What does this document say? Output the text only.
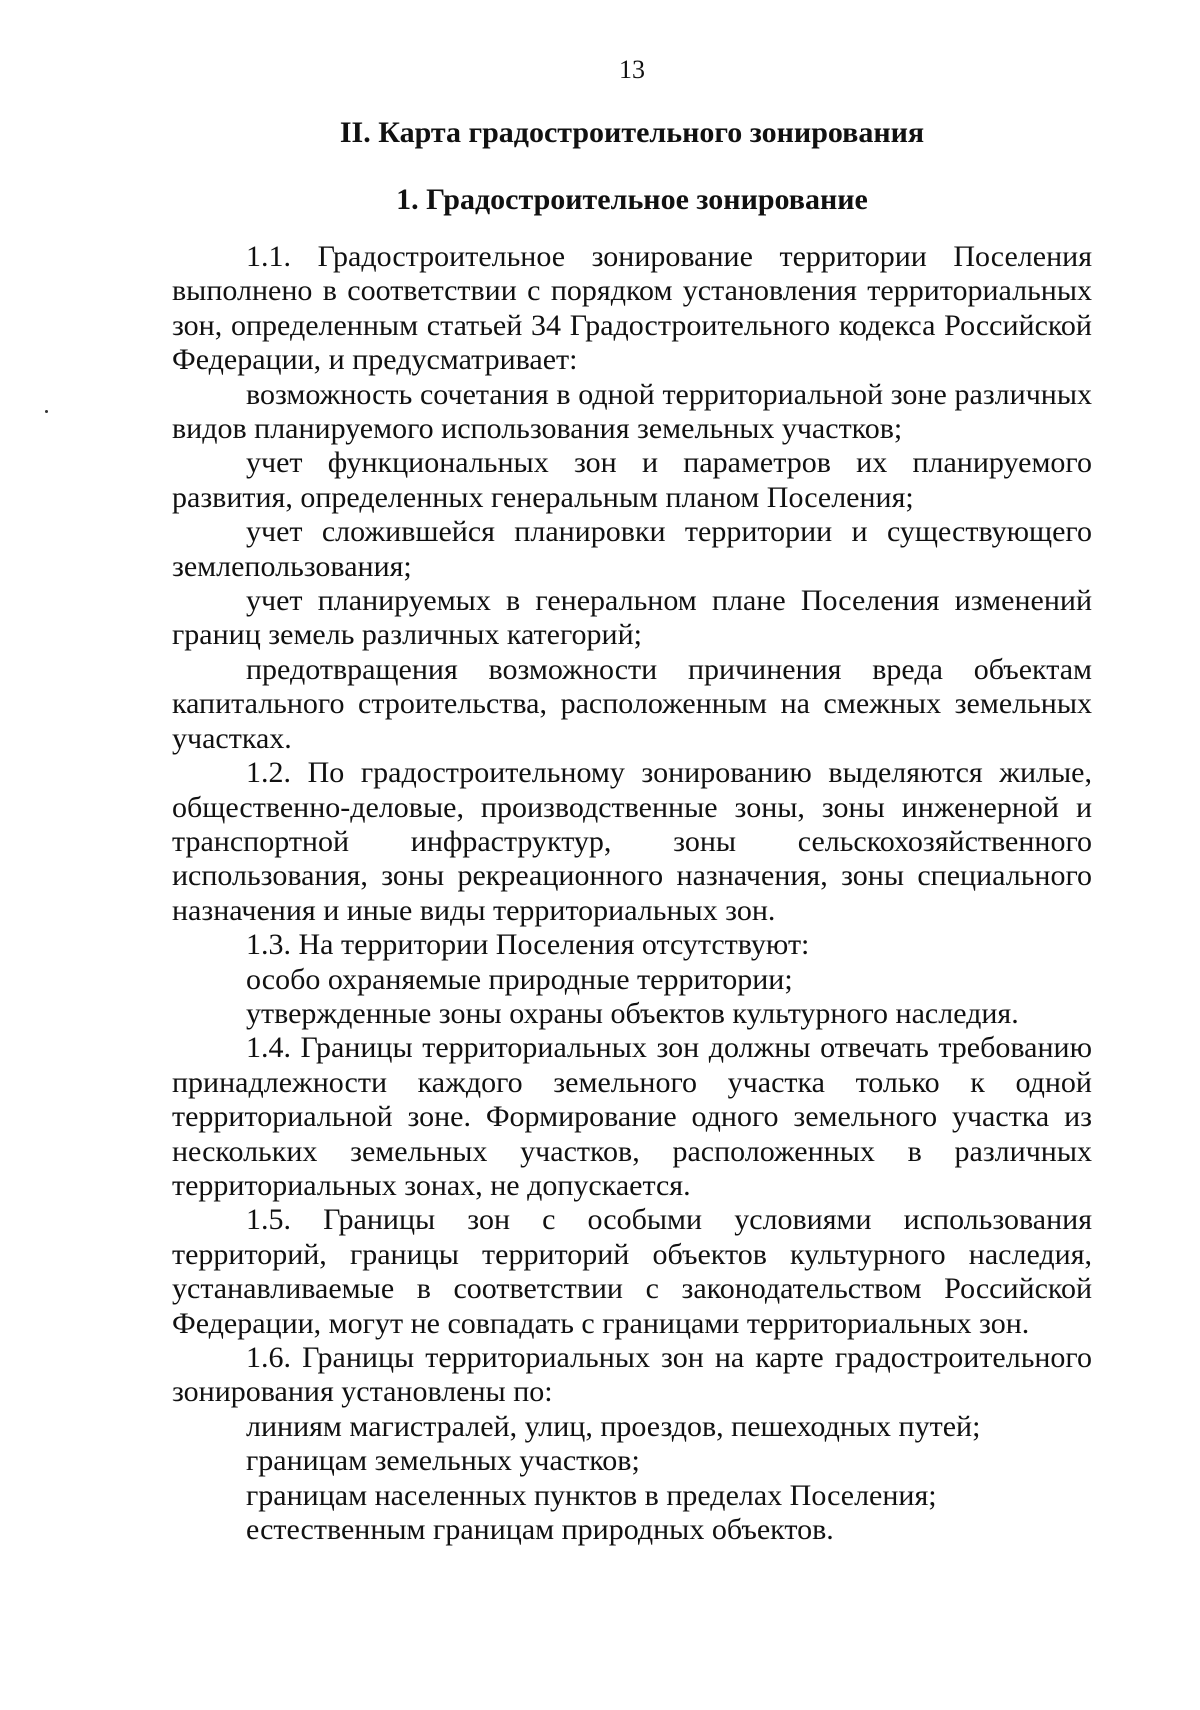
13
II. Карта градостроительного зонирования
1. Градостроительное зонирование

1.1. Градостроительное зонирование территории Поселения выполнено в соответствии с порядком установления территориальных зон, определенным статьей 34 Градостроительного кодекса Российской Федерации, и предусматривает:

возможность сочетания в одной территориальной зоне различных видов планируемого использования земельных участков;

учет функциональных зон и параметров их планируемого развития, определенных генеральным планом Поселения;

учет сложившейся планировки территории и существующего землепользования;

учет планируемых в генеральном плане Поселения изменений границ земель различных категорий;

предотвращения возможности причинения вреда объектам капитального строительства, расположенным на смежных земельных участках.

1.2. По градостроительному зонированию выделяются жилые, общественно-деловые, производственные зоны, зоны инженерной и транспортной инфраструктур, зоны сельскохозяйственного использования, зоны рекреационного назначения, зоны специального назначения и иные виды территориальных зон.

1.3. На территории Поселения отсутствуют:

особо охраняемые природные территории;

утвержденные зоны охраны объектов культурного наследия.

1.4. Границы территориальных зон должны отвечать требованию принадлежности каждого земельного участка только к одной территориальной зоне. Формирование одного земельного участка из нескольких земельных участков, расположенных в различных территориальных зонах, не допускается.

1.5. Границы зон с особыми условиями использования территорий, границы территорий объектов культурного наследия, устанавливаемые в соответствии с законодательством Российской Федерации, могут не совпадать с границами территориальных зон.

1.6. Границы территориальных зон на карте градостроительного зонирования установлены по:

линиям магистралей, улиц, проездов, пешеходных путей;

границам земельных участков;

границам населенных пунктов в пределах Поселения;

естественным границам природных объектов.
